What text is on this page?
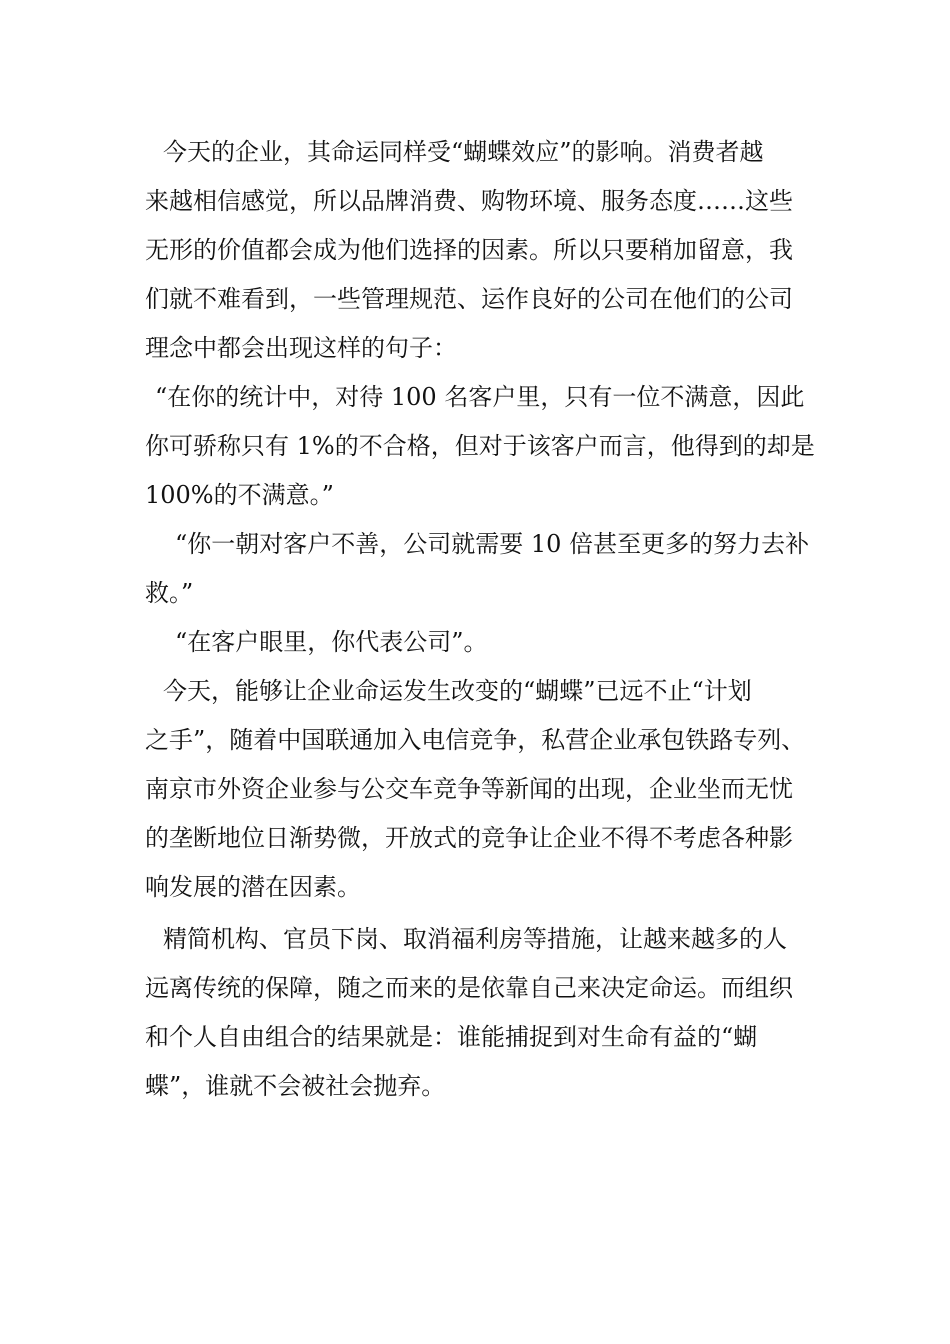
今天的企业，其命运同样受“蝴蝶效应”的影响。消费者越
来越相信感觉，所以品牌消费、购物环境、服务态度……这些
无形的价值都会成为他们选择的因素。所以只要稍加留意，我
们就不难看到，一些管理规范、运作良好的公司在他们的公司
理念中都会出现这样的句子：
“在你的统计中，对待 100 名客户里，只有一位不满意，因此
你可骄称只有 1%的不合格，但对于该客户而言，他得到的却是
100%的不满意。”
“你一朝对客户不善，公司就需要 10 倍甚至更多的努力去补
救。”
“在客户眼里，你代表公司”。
今天，能够让企业命运发生改变的“蝴蝶”已远不止“计划
之手”，随着中国联通加入电信竞争，私营企业承包铁路专列、
南京市外资企业参与公交车竞争等新闻的出现，企业坐而无忧
的垄断地位日渐势微，开放式的竞争让企业不得不考虑各种影
响发展的潜在因素。
精简机构、官员下岗、取消福利房等措施，让越来越多的人
远离传统的保障，随之而来的是依靠自己来决定命运。而组织
和个人自由组合的结果就是：谁能捕捉到对生命有益的“蝴
蝶”，谁就不会被社会抛弃。
